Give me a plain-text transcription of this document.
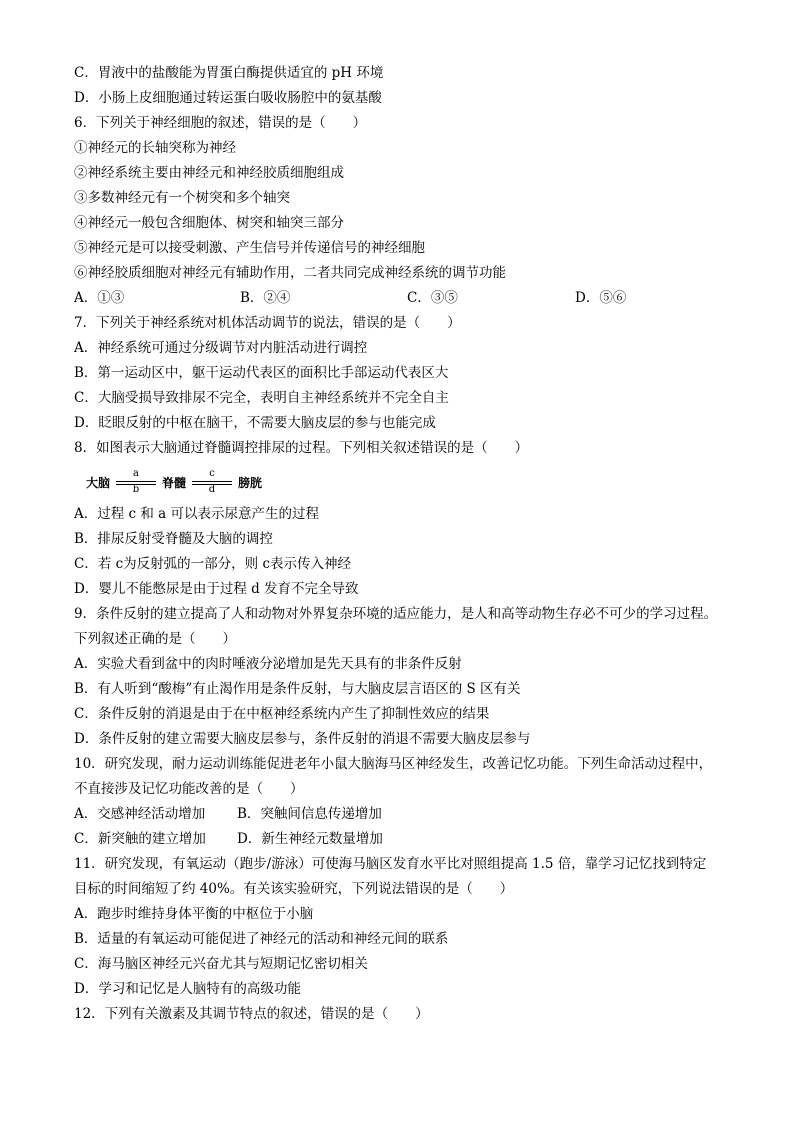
C．胃液中的盐酸能为胃蛋白酶提供适宜的 pH 环境
D．小肠上皮细胞通过转运蛋白吸收肠腔中的氨基酸
6．下列关于神经细胞的叙述，错误的是（　　）
①神经元的长轴突称为神经
②神经系统主要由神经元和神经胶质细胞组成
③多数神经元有一个树突和多个轴突
④神经元一般包含细胞体、树突和轴突三部分
⑤神经元是可以接受刺激、产生信号并传递信号的神经细胞
⑥神经胶质细胞对神经元有辅助作用，二者共同完成神经系统的调节功能
A．①③	B．②④	C．③⑤	D．⑤⑥
7．下列关于神经系统对机体活动调节的说法，错误的是（　　）
A．神经系统可通过分级调节对内脏活动进行调控
B．第一运动区中，躯干运动代表区的面积比手部运动代表区大
C．大脑受损导致排尿不完全，表明自主神经系统并不完全自主
D．眨眼反射的中枢在脑干，不需要大脑皮层的参与也能完成
8．如图表示大脑通过脊髓调控排尿的过程。下列相关叙述错误的是（　　）
大脑
a
b	脊髓
c
d	膀胱
A．过程 c 和 a 可以表示尿意产生的过程
B．排尿反射受脊髓及大脑的调控
C．若 c为反射弧的一部分，则 c表示传入神经
D．婴儿不能憋尿是由于过程 d 发育不完全导致
9．条件反射的建立提高了人和动物对外界复杂环境的适应能力，是人和高等动物生存必不可少的学习过程。
下列叙述正确的是（　　）
A．实验犬看到盆中的肉时唾液分泌增加是先天具有的非条件反射
B．有人听到“酸梅”有止渴作用是条件反射，与大脑皮层言语区的 S 区有关
C．条件反射的消退是由于在中枢神经系统内产生了抑制性效应的结果
D．条件反射的建立需要大脑皮层参与，条件反射的消退不需要大脑皮层参与
10．研究发现，耐力运动训练能促进老年小鼠大脑海马区神经发生，改善记忆功能。下列生命活动过程中，
不直接涉及记忆功能改善的是（　　）
A．交感神经活动增加 B．突触间信息传递增加
C．新突触的建立增加 D．新生神经元数量增加
11．研究发现，有氧运动（跑步/游泳）可使海马脑区发育水平比对照组提高 1.5 倍，靠学习记忆找到特定
目标的时间缩短了约 40%。有关该实验研究，下列说法错误的是（　　）
A．跑步时维持身体平衡的中枢位于小脑
B．适量的有氧运动可能促进了神经元的活动和神经元间的联系
C．海马脑区神经元兴奋尤其与短期记忆密切相关
D．学习和记忆是人脑特有的高级功能
12．下列有关激素及其调节特点的叙述，错误的是（　　）
